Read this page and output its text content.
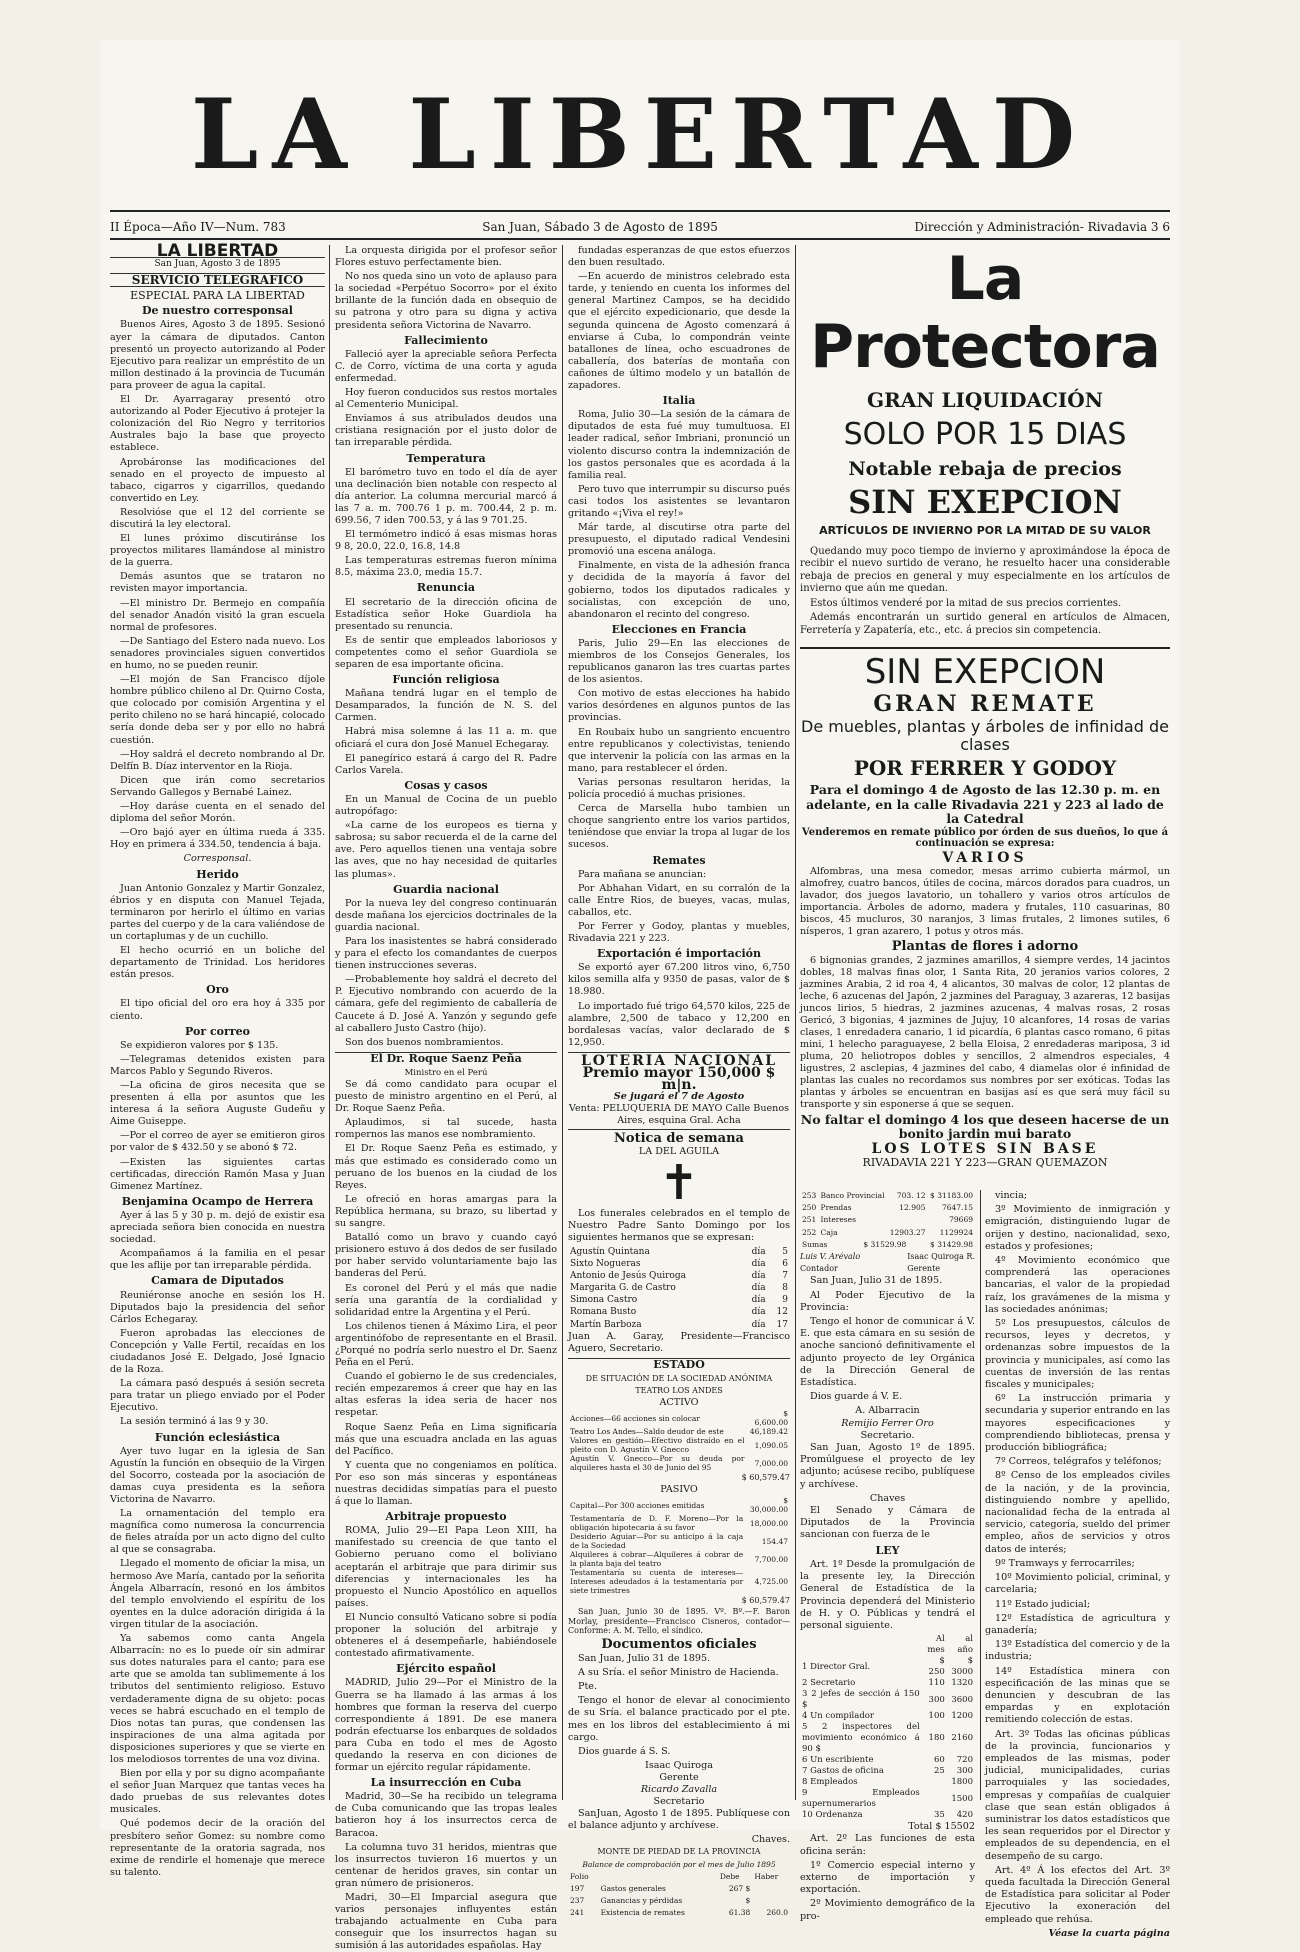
LA LIBERTAD
II Época—Año IV—Num. 783	San Juan, Sábado 3 de Agosto de 1895	Dirección y Administración- Rivadavia 3 6
LA LIBERTAD
San Juan, Agosto 3 de 1895
SERVICIO TELEGRAFICO
ESPECIAL PARA LA LIBERTAD
De nuestro corresponsal

Buenos Aires, Agosto 3 de 1895. Sesionó ayer la cámara de diputados. Canton presentó un proyecto autorizando al Poder Ejecutivo para realizar un empréstito de un millon destinado á la provincia de Tucumán para proveer de agua la capital.

El Dr. Ayarragaray presentó otro autorizando al Poder Ejecutivo á protejer la colonización del Rio Negro y territorios Australes bajo la base que proyecto establece.

Aprobáronse las modificaciones del senado en el proyecto de impuesto al tabaco, cigarros y cigarrillos, quedando convertido en Ley.

Resolvióse que el 12 del corriente se discutirá la ley electoral.

El lunes próximo discutiránse los proyectos militares llamándose al ministro de la guerra.

Demás asuntos que se trataron no revisten mayor importancia.

—El ministro Dr. Bermejo en compañía del senador Anadón visitó la gran escuela normal de profesores.

—De Santiago del Estero nada nuevo. Los senadores provinciales siguen convertidos en humo, no se pueden reunir.

—El mojón de San Francisco díjole hombre público chileno al Dr. Quirno Costa, que colocado por comisión Argentina y el perito chileno no se hará hincapié, colocado sería donde deba ser y por ello no habrá cuestión.

—Hoy saldrá el decreto nombrando al Dr. Delfín B. Díaz interventor en la Rioja.

Dicen que irán como secretarios Servando Gallegos y Bernabé Lainez.

—Hoy daráse cuenta en el senado del diploma del señor Morón.

—Oro bajó ayer en última rueda á 335. Hoy en primera á 334.50, tendencia á baja.

Corresponsal.
Herido

Juan Antonio Gonzalez y Martir Gonzalez, ébrios y en disputa con Manuel Tejada, terminaron por herirlo el último en varias partes del cuerpo y de la cara valiéndose de un cortaplumas y de un cuchillo.

El hecho ocurrió en un boliche del departamento de Trinidad. Los heridores están presos.

Oro

El tipo oficial del oro era hoy á 335 por ciento.

Por correo

Se expidieron valores por $ 135.

—Telegramas detenidos existen para Marcos Pablo y Segundo Riveros.

—La oficina de giros necesita que se presenten á ella por asuntos que les interesa á la señora Auguste Gudeñu y Aime Guiseppe.

—Por el correo de ayer se emitieron giros por valor de $ 432.50 y se abonó $ 72.

—Existen las siguientes cartas certificadas, dirección Ramón Masa y Juan Gimenez Martínez.

Benjamina Ocampo de Herrera

Ayer á las 5 y 30 p. m. dejó de existir esa apreciada señora bien conocida en nuestra sociedad.

Acompañamos á la familia en el pesar que les aflije por tan irreparable pérdida.

Camara de Diputados

Reuniéronse anoche en sesión los H. Diputados bajo la presidencia del señor Cárlos Echegaray.

Fueron aprobadas las elecciones de Concepción y Valle Fertil, recaídas en los ciudadanos José E. Delgado, José Ignacio de la Roza.

La cámara pasó después á sesión secreta para tratar un pliego enviado por el Poder Ejecutivo.

La sesión terminó á las 9 y 30.

Función eclesiástica

Ayer tuvo lugar en la iglesia de San Agustín la función en obsequio de la Virgen del Socorro, costeada por la asociación de damas cuya presidenta es la señora Victorina de Navarro.

La ornamentación del templo era magnífica como numerosa la concurrencia de fieles atraída por un acto digno del culto al que se consagraba.

Llegado el momento de oficiar la misa, un hermoso Ave María, cantado por la señorita Ángela Albarracín, resonó en los ámbitos del templo envolviendo el espíritu de los oyentes en la dulce adoración dirigida á la virgen titular de la asociación.

Ya sabemos como canta Angela Albarracín: no es lo puede oír sin admirar sus dotes naturales para el canto; para ese arte que se amolda tan sublimemente á los tributos del sentimiento religioso. Estuvo verdaderamente digna de su objeto: pocas veces se habrá escuchado en el templo de Dios notas tan puras, que condensen las inspiraciones de una alma agitada por disposiciones superiores y que se vierte en los melodiosos torrentes de una voz divina.

Bien por ella y por su digno acompañante el señor Juan Marquez que tantas veces ha dado pruebas de sus relevantes dotes musicales.

Qué podemos decir de la oración del presbítero señor Gomez: su nombre como representante de la oratoria sagrada, nos exime de rendirle el homenaje que merece su talento.

La orquesta dirigida por el profesor señor Flores estuvo perfectamente bien.

No nos queda sino un voto de aplauso para la sociedad «Perpétuo Socorro» por el éxito brillante de la función dada en obsequio de su patrona y otro para su digna y activa presidenta señora Victorina de Navarro.

Fallecimiento

Falleció ayer la apreciable señora Perfecta C. de Corro, víctima de una corta y aguda enfermedad.

Hoy fueron conducidos sus restos mortales al Cementerio Municipal.

Enviamos á sus atribulados deudos una cristiana resignación por el justo dolor de tan irreparable pérdida.

Temperatura

El barómetro tuvo en todo el día de ayer una declinación bien notable con respecto al día anterior. La columna mercurial marcó á las 7 a. m. 700.76 1 p. m. 700.44, 2 p. m. 699.56, 7 iden 700.53, y á las 9 701.25.

El termómetro indicó á esas mismas horas 9 8, 20.0, 22.0, 16.8, 14.8

Las temperaturas estremas fueron mínima 8.5, máxima 23.0, media 15.7.

Renuncia

El secretario de la dirección oficina de Estadística señor Hoke Guardiola ha presentado su renuncia.

Es de sentir que empleados laboriosos y competentes como el señor Guardiola se separen de esa importante oficina.

Función religiosa

Mañana tendrá lugar en el templo de Desamparados, la función de N. S. del Carmen.

Habrá misa solemne á las 11 a. m. que oficiará el cura don José Manuel Echegaray.

El panegírico estará á cargo del R. Padre Carlos Varela.

Cosas y casos

En un Manual de Cocina de un pueblo autropófago:

«La carne de los europeos es tierna y sabrosa; su sabor recuerda el de la carne del ave. Pero aquellos tienen una ventaja sobre las aves, que no hay necesidad de quitarles las plumas».

Guardia nacional

Por la nueva ley del congreso continuarán desde mañana los ejercicios doctrinales de la guardia nacional.

Para los inasistentes se habrá considerado y para el efecto los comandantes de cuerpos tienen instrucciones severas.

—Probablemente hoy saldrá el decreto del P. Ejecutivo nombrando con acuerdo de la cámara, gefe del regimiento de caballería de Caucete á D. José A. Yanzón y segundo gefe al caballero Justo Castro (hijo).

Son dos buenos nombramientos.

El Dr. Roque Saenz Peña
Ministro en el Perú

Se dá como candidato para ocupar el puesto de ministro argentino en el Perú, al Dr. Roque Saenz Peña.

Aplaudimos, si tal sucede, hasta rompernos las manos ese nombramiento.

El Dr. Roque Saenz Peña es estimado, y más que estimado es considerado como un peruano de los buenos en la ciudad de los Reyes.

Le ofreció en horas amargas para la República hermana, su brazo, su libertad y su sangre.

Batalló como un bravo y cuando cayó prisionero estuvo á dos dedos de ser fusilado por haber servido voluntariamente bajo las banderas del Perú.

Es coronel del Perú y el más que nadie sería una garantía de la cordialidad y solidaridad entre la Argentina y el Perú.

Los chilenos tienen á Máximo Lira, el peor argentinófobo de representante en el Brasil. ¿Porqué no podría serlo nuestro el Dr. Saenz Peña en el Perú.

Cuando el gobierno le de sus credenciales, recién empezaremos á creer que hay en las altas esferas la idea seria de hacer nos respetar.

Roque Saenz Peña en Lima significaría más que una escuadra anclada en las aguas del Pacífico.

Y cuenta que no congeniamos en política. Por eso son más sinceras y espontáneas nuestras decididas simpatías para el puesto á que lo llaman.

Arbitraje propuesto

ROMA, Julio 29—El Papa Leon XIII, ha manifestado su creencia de que tanto el Gobierno peruano como el boliviano aceptarán el arbitraje que para dirimir sus diferencias y internacionales les ha propuesto el Nuncio Apostólico en aquellos países.

El Nuncio consultó Vaticano sobre si podía proponer la solución del arbitraje y obteneres el á desempeñarle, habiéndosele contestado afirmativamente.

Ejército español

MADRID, Julio 29—Por el Ministro de la Guerra se ha llamado á las armas á los hombres que forman la reserva del cuerpo correspondiente á 1891. De ese manera podrán efectuarse los enbarques de soldados para Cuba en todo el mes de Agosto quedando la reserva en con diciones de formar un ejército regular rápidamente.

La insurrección en Cuba

Madrid, 30—Se ha recibido un telegrama de Cuba comunicando que las tropas leales batieron hoy á los insurrectos cerca de Baracoa.

La columna tuvo 31 heridos, mientras que los insurrectos tuvieron 16 muertos y un centenar de heridos graves, sin contar un gran número de prisioneros.

Madri, 30—El Imparcial asegura que varios personajes influyentes están trabajando actualmente en Cuba para conseguir que los insurrectos hagan su sumisión á las autoridades españolas. Hay

fundadas esperanzas de que estos efuerzos den buen resultado.

—En acuerdo de ministros celebrado esta tarde, y teniendo en cuenta los informes del general Martinez Campos, se ha decidido que el ejército expedicionario, que desde la segunda quincena de Agosto comenzará á enviarse á Cuba, lo compondrán veinte batallones de línea, ocho escuadrones de caballería, dos baterías de montaña con cañones de último modelo y un batallón de zapadores.

Italia

Roma, Julio 30—La sesión de la cámara de diputados de esta fué muy tumultuosa. El leader radical, señor Imbriani, pronunció un violento discurso contra la indemnización de los gastos personales que es acordada á la familia real.

Pero tuvo que interrumpir su discurso pués casi todos los asistentes se levantaron gritando «¡Viva el rey!»

Már tarde, al discutirse otra parte del presupuesto, el diputado radical Vendesini promovió una escena análoga.

Finalmente, en vista de la adhesión franca y decidida de la mayoría á favor del gobierno, todos los diputados radicales y socialistas, con excepción de uno, abandonaron el recinto del congreso.

Elecciones en Francia

Paris, Julio 29—En las elecciones de miembros de los Consejos Generales, los republicanos ganaron las tres cuartas partes de los asientos.

Con motivo de estas elecciones ha habido varios desórdenes en algunos puntos de las provincias.

En Roubaix hubo un sangriento encuentro entre republicanos y colectivistas, teniendo que intervenir la policía con las armas en la mano, para restablecer el órden.

Varias personas resultaron heridas, la policía procedió á muchas prisiones.

Cerca de Marsella hubo tambien un choque sangriento entre los varios partidos, teniéndose que enviar la tropa al lugar de los sucesos.

Remates

Para mañana se anuncian:

Por Abhahan Vidart, en su corralón de la calle Entre Rios, de bueyes, vacas, mulas, caballos, etc.

Por Ferrer y Godoy, plantas y muebles, Rivadavia 221 y 223.

Exportación é importación

Se exportó ayer 67.200 litros vino, 6,750 kilos semilla alfa y 9350 de pasas, valor de $ 18.980.

Lo importado fué trigo 64,570 kilos, 225 de alambre, 2,500 de tabaco y 12,200 en bordalesas vacías, valor declarado de $ 12,950.

LOTERIA NACIONAL
Premio mayor 150,000 $ m|n.
Se jugará el 7 de Agosto
Venta: PELUQUERIA DE MAYO Calle Buenos Aires, esquina Gral. Acha
Notica de semana
LA DEL AGUILA
✝

Los funerales celebrados en el templo de Nuestro Padre Santo Domingo por los siguientes hermanos que se expresan:

Agustín Quintana	día	5
Sixto Nogueras	día	6
Antonio de Jesús Quiroga	día	7
Margarita G. de Castro	día	8
Simona Castro	día	9
Romana Busto	día	12
Martín Barboza	día	17

Juan A. Garay, Presidente—Francisco Aguero, Secretario.

ESTADO
DE SITUACIÓN DE LA SOCIEDAD ANÓNIMA TEATRO LOS ANDES
ACTIVO
Acciones—66 acciones sin colocar	$ 6,600.00
Teatro Los Andes—Saldo deudor de este	46,189.42
Valores en gestión—Efectivo distraído en el pleito con D. Agustín V. Gnecco	1,090.05
Agustín V. Gnecco—Por su deuda por alquileres hasta el 30 de Junio del 95	7,000.00
$ 60,579.47
PASIVO
Capital—Por 300 acciones emitidas	$ 30,000.00
Testamentaría de D. F. Moreno—Por la obligación hipotecaria á su favor	18,000.00
Desiderio Aguiar—Por su anticipo á la caja de la Sociedad	154.47
Alquileres á cobrar—Alquileres á cobrar de la planta baja del teatro	7,700.00
Testamentaría su cuenta de intereses—Intereses adeudados á la testamentaría por siete trimestres	4,725.00
$ 60,579.47

San Juan, Junio 30 de 1895. Vº. Bº.—F. Baron Morlay, presidente—Francisco Cisneros, contador—Conforme: A. M. Tello, el síndico.

Documentos oficiales

San Juan, Julio 31 de 1895.

A su Sría. el señor Ministro de Hacienda.

Pte.

Tengo el honor de elevar al conocimiento de su Sría. el balance practicado por el pte. mes en los libros del establecimiento á mi cargo.

Dios guarde á S. S.

Isaac Quiroga
Gerente
Ricardo Zavalla
Secretario

SanJuan, Agosto 1 de 1895. Publíquese con el balance adjunto y archívese.

Chaves.
MONTE DE PIEDAD DE LA PROVINCIA
Balance de comprobación por el mes de Julio 1895
Folio		Debe	Haber
197	Gastos generales	267 $	
237	Ganancias y pérdidas	$	
241	Existencia de remates	61.38	260.0
La Protectora
GRAN LIQUIDACIÓN
SOLO POR 15 DIAS
Notable rebaja de precios
SIN EXEPCION
ARTÍCULOS DE INVIERNO POR LA MITAD DE SU VALOR

Quedando muy poco tiempo de invierno y aproximándose la época de recibir el nuevo surtido de verano, he resuelto hacer una considerable rebaja de precios en general y muy especialmente en los artículos de invierno que aún me quedan.

Estos últimos venderé por la mitad de sus precios corrientes.

Además encontrarán un surtido general en artículos de Almacen, Ferretería y Zapatería, etc., etc. á precios sin competencia.

SIN EXEPCION
GRAN REMATE
De muebles, plantas y árboles de infinidad de clases
POR FERRER Y GODOY
Para el domingo 4 de Agosto de las 12.30 p. m. en adelante, en la calle Rivadavia 221 y 223 al lado de la Catedral
Venderemos en remate público por órden de sus dueños, lo que á continuación se expresa:
VARIOS

Alfombras, una mesa comedor, mesas arrimo cubierta mármol, un almofrey, cuatro bancos, útiles de cocina, márcos dorados para cuadros, un lavador, dos juegos lavatorio, un tohallero y varios otros artículos de importancia. Árboles de adorno, madera y frutales, 110 casuarinas, 80 biscos, 45 mucluros, 30 naranjos, 3 limas frutales, 2 limones sutiles, 6 nísperos, 1 gran azarero, 1 potus y otros más.

Plantas de flores i adorno

6 bignonias grandes, 2 jazmines amarillos, 4 siempre verdes, 14 jacintos dobles, 18 malvas finas olor, 1 Santa Rita, 20 jeranios varios colores, 2 jazmines Arabia, 2 id roa 4, 4 alicantos, 30 malvas de color, 12 plantas de leche, 6 azucenas del Japón, 2 jazmines del Paraguay, 3 azareras, 12 basijas juncos lirios, 5 hiedras, 2 jazmines azucenas, 4 malvas rosas, 2 rosas Gericó, 3 bigonias, 4 jazmines de Jujuy, 10 alcanfores, 14 rosas de varias clases, 1 enredadera canario, 1 id picardía, 6 plantas casco romano, 6 pitas mini, 1 helecho paraguayese, 2 bella Eloisa, 2 enredaderas mariposa, 3 id pluma, 20 heliotropos dobles y sencillos, 2 almendros especiales, 4 ligustres, 2 asclepias, 4 jazmines del cabo, 4 diamelas olor é infinidad de plantas las cuales no recordamos sus nombres por ser exóticas. Todas las plantas y árboles se encuentran en basijas así es que será muy fácil su transporte y sin esponerse á que se sequen.

No faltar el domingo 4 los que deseen hacerse de un bonito jardin mui barato
LOS LOTES SIN BASE
RIVADAVIA 221 Y 223—GRAN QUEMAZON
253	Banco Provincial	703. 12	$ 31183.00
250	Prendas	12.905	7647.15
251	Intereses		79669
252	Caja	12903.27	1129924
Sumas	$ 31529.98	$ 31429.98
Luis V. Arévalo
Contador
Isaac Quiroga R.
Gerente

San Juan, Julio 31 de 1895.

Al Poder Ejecutivo de la Provincia:

Tengo el honor de comunicar á V. E. que esta cámara en su sesión de anoche sancionó definitivamente el adjunto proyecto de ley Orgánica de la Dirección General de Estadística.

Dios guarde á V. E.

A. Albarracin
Remijio Ferrer Oro
Secretario.

San Juan, Agosto 1º de 1895. Promúlguese el proyecto de ley adjunto; acúsese recibo, publíquese y archívese.

Chaves

El Senado y Cámara de Diputados de la Provincia sancionan con fuerza de le

LEY

Art. 1º Desde la promulgación de la presente ley, la Dirección General de Estadística de la Provincia dependerá del Ministerio de H. y O. Públicas y tendrá el personal siguiente.

	Al mes	al año
1 Director Gral.	$ 250	$ 3000
2 Secretario	110	1320
3 2 jefes de sección á 150 $	300	3600
4 Un compilador	100	1200
5 2 inspectores del movimiento económico á 90 $	180	2160
6 Un escribiente	60	720
7 Gastos de oficina	25	300
8 Empleados		1800
9 Empleados supernumerarios		1500
10 Ordenanza	35	420
Total $ 15502

Art. 2º Las funciones de esta oficina serán:

1º Comercio especial interno y externo de importación y exportación.

2º Movimiento demográfico de la pro-

vincia;

3º Movimiento de inmigración y emigración, distinguiendo lugar de orijen y destino, nacionalidad, sexo, estados y profesiones;

4º Movimiento económico que comprenderá las operaciones bancarias, el valor de la propiedad raíz, los gravámenes de la misma y las sociedades anónimas;

5º Los presupuestos, cálculos de recursos, leyes y decretos, y ordenanzas sobre impuestos de la provincia y municipales, así como las cuentas de inversión de las rentas fiscales y municipales;

6º La instrucción primaria y secundaria y superior entrando en las mayores especificaciones y comprendiendo bibliotecas, prensa y producción bibliográfica;

7º Correos, telégrafos y teléfonos;

8º Censo de los empleados civiles de la nación, y de la provincia, distinguiendo nombre y apellido, nacionalidad fecha de la entrada al servicio, categoría, sueldo del primer empleo, años de servicios y otros datos de interés;

9º Tramways y ferrocarriles;

10º Movimiento policial, criminal, y carcelaria;

11º Estado judicial;

12º Estadística de agricultura y ganadería;

13º Estadística del comercio y de la industria;

14º Estadística minera con especificación de las minas que se denuncien y descubran de las empardas y en explotación remitiendo colección de estas.

Art. 3º Todas las oficinas públicas de la provincia, funcionarios y empleados de las mismas, poder judicial, municipalidades, curias parroquiales y las sociedades, empresas y compañías de cualquier clase que sean están obligados á suministrar los datos estadísticos que les sean requeridos por el Director y empleados de su dependencia, en el desempeño de su cargo.

Art. 4º Á los efectos del Art. 3º queda facultada la Dirección General de Estadística para solicitar al Poder Ejecutivo la exoneración del empleado que rehúsa.

Véase la cuarta página
